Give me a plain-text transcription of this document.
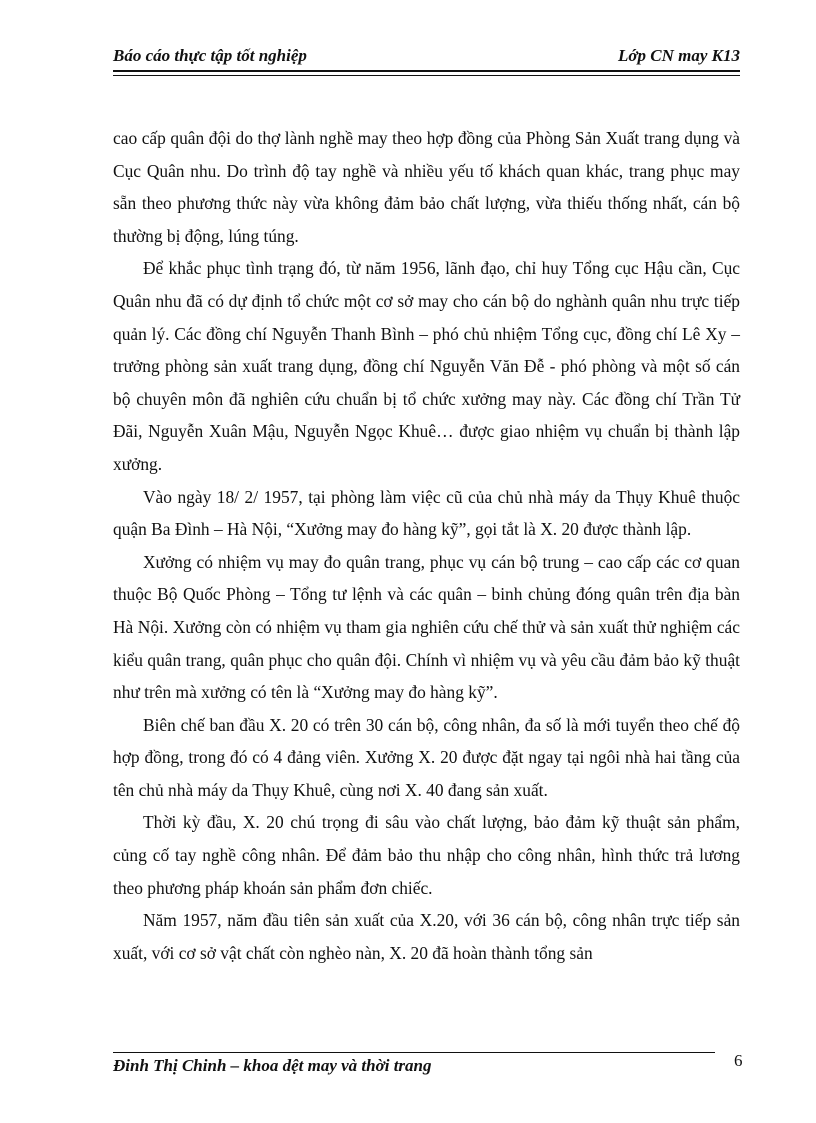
Báo cáo thực tập tốt nghiệp	Lớp CN may K13

cao cấp quân đội do thợ lành nghề may theo hợp đồng của Phòng Sản Xuất trang dụng và Cục Quân nhu. Do trình độ tay nghề và nhiều yếu tố khách quan khác, trang phục may sẵn theo phương thức này vừa không đảm bảo chất lượng, vừa thiếu thống nhất, cán bộ thường bị động, lúng túng.

Để khắc phục tình trạng đó, từ năm 1956, lãnh đạo, chỉ huy Tổng cục Hậu cần, Cục Quân nhu đã có dự định tổ chức một cơ sở may cho cán bộ do nghành quân nhu trực tiếp quản lý. Các đồng chí Nguyễn Thanh Bình – phó chủ nhiệm Tổng cục, đồng chí Lê Xy – trưởng phòng sản xuất trang dụng, đồng chí Nguyễn Văn Đễ - phó phòng và một số cán bộ chuyên môn đã nghiên cứu chuẩn bị tổ chức xưởng may này. Các đồng chí Trần Tử Đãi, Nguyễn Xuân Mậu, Nguyễn Ngọc Khuê… được giao nhiệm vụ chuẩn bị thành lập xưởng.

Vào ngày 18/ 2/ 1957, tại phòng làm việc cũ của chủ nhà máy da Thụy Khuê thuộc quận Ba Đình – Hà Nội, “Xưởng may đo hàng kỹ”, gọi tắt là X. 20 được thành lập.

Xưởng có nhiệm vụ may đo quân trang, phục vụ cán bộ trung – cao cấp các cơ quan thuộc Bộ Quốc Phòng – Tổng tư lệnh và các quân – binh chủng đóng quân trên địa bàn Hà Nội. Xưởng còn có nhiệm vụ tham gia nghiên cứu chế thử và sản xuất thử nghiệm các kiểu quân trang, quân phục cho quân đội. Chính vì nhiệm vụ và yêu cầu đảm bảo kỹ thuật như trên mà xưởng có tên là “Xưởng may đo hàng kỹ”.

Biên chế ban đầu X. 20 có trên 30 cán bộ, công nhân, đa số là mới tuyển theo chế độ hợp đồng, trong đó có 4 đảng viên. Xưởng X. 20 được đặt ngay tại ngôi nhà hai tầng của tên chủ nhà máy da Thụy Khuê, cùng nơi X. 40 đang sản xuất.

Thời kỳ đầu, X. 20 chú trọng đi sâu vào chất lượng, bảo đảm kỹ thuật sản phẩm, củng cố tay nghề công nhân. Để đảm bảo thu nhập cho công nhân, hình thức trả lương theo phương pháp khoán sản phẩm đơn chiếc.

Năm 1957, năm đầu tiên sản xuất của X.20, với 36 cán bộ, công nhân trực tiếp sản xuất, với cơ sở vật chất còn nghèo nàn, X. 20 đã hoàn thành tổng sản

Đinh Thị Chinh – khoa dệt may và thời trang	6
